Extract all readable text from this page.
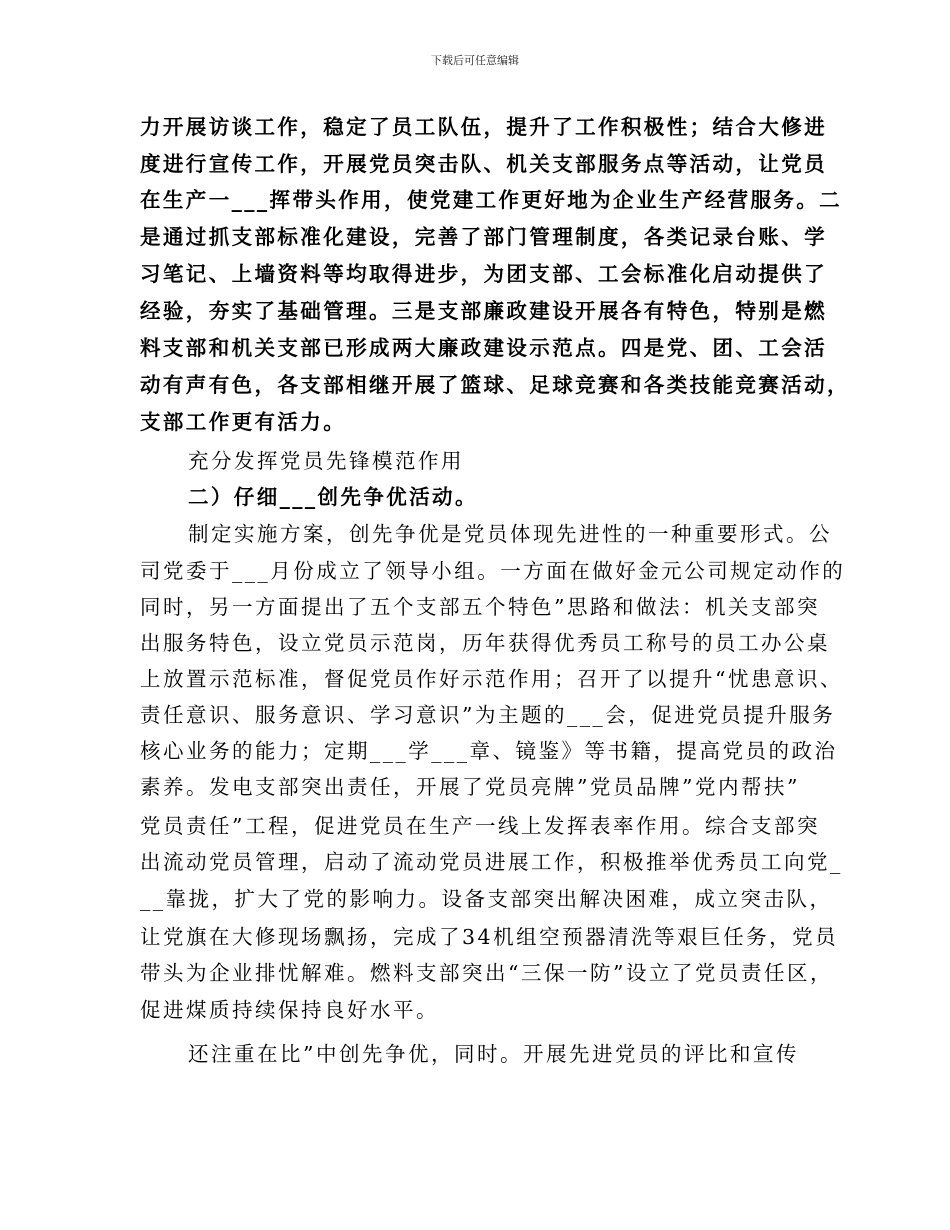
下载后可任意编辑
力开展访谈工作，稳定了员工队伍，提升了工作积极性；结合大修进
度进行宣传工作，开展党员突击队、机关支部服务点等活动，让党员
在生产一___挥带头作用，使党建工作更好地为企业生产经营服务。二
是通过抓支部标准化建设，完善了部门管理制度，各类记录台账、学
习笔记、上墙资料等均取得进步，为团支部、工会标准化启动提供了
经验，夯实了基础管理。三是支部廉政建设开展各有特色，特别是燃
料支部和机关支部已形成两大廉政建设示范点。四是党、团、工会活
动有声有色，各支部相继开展了篮球、足球竞赛和各类技能竞赛活动，
支部工作更有活力。
充分发挥党员先锋模范作用
二）仔细___创先争优活动。
制定实施方案，创先争优是党员体现先进性的一种重要形式。公
司党委于___月份成立了领导小组。一方面在做好金元公司规定动作的
同时，另一方面提出了五个支部五个特色”思路和做法：机关支部突
出服务特色，设立党员示范岗，历年获得优秀员工称号的员工办公桌
上放置示范标准，督促党员作好示范作用；召开了以提升“忧患意识、
责任意识、服务意识、学习意识”为主题的___会，促进党员提升服务
核心业务的能力；定期___学___章、镜鉴》等书籍，提高党员的政治
素养。发电支部突出责任，开展了党员亮牌”党员品牌”党内帮扶”
党员责任”工程，促进党员在生产一线上发挥表率作用。综合支部突
出流动党员管理，启动了流动党员进展工作，积极推举优秀员工向党_
__靠拢，扩大了党的影响力。设备支部突出解决困难，成立突击队，
让党旗在大修现场飘扬，完成了34机组空预器清洗等艰巨任务，党员
带头为企业排忧解难。燃料支部突出“三保一防”设立了党员责任区，
促进煤质持续保持良好水平。
还注重在比”中创先争优，同时。开展先进党员的评比和宣传
